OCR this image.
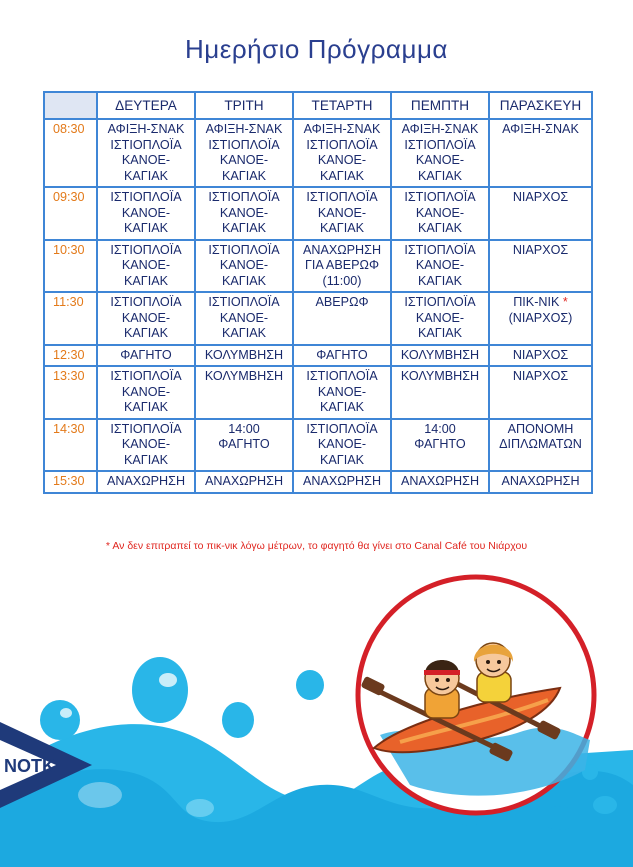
Ημερήσιο Πρόγραμμα
	ΔΕΥΤΕΡΑ	ΤΡΙΤΗ	ΤΕΤΑΡΤΗ	ΠΕΜΠΤΗ	ΠΑΡΑΣΚΕΥΗ
08:30	ΑΦΙΞΗ-ΣΝΑΚ
ΙΣΤΙΟΠΛΟΪΑ
ΚΑΝΟΕ-
ΚΑΓΙΑΚ	ΑΦΙΞΗ-ΣΝΑΚ
ΙΣΤΙΟΠΛΟΪΑ
ΚΑΝΟΕ-
ΚΑΓΙΑΚ	ΑΦΙΞΗ-ΣΝΑΚ
ΙΣΤΙΟΠΛΟΪΑ
ΚΑΝΟΕ-
ΚΑΓΙΑΚ	ΑΦΙΞΗ-ΣΝΑΚ
ΙΣΤΙΟΠΛΟΪΑ
ΚΑΝΟΕ-
ΚΑΓΙΑΚ	ΑΦΙΞΗ-ΣΝΑΚ

09:30	ΙΣΤΙΟΠΛΟΪΑ
ΚΑΝΟΕ-
ΚΑΓΙΑΚ	ΙΣΤΙΟΠΛΟΪΑ
ΚΑΝΟΕ-
ΚΑΓΙΑΚ	ΙΣΤΙΟΠΛΟΪΑ
ΚΑΝΟΕ-
ΚΑΓΙΑΚ	ΙΣΤΙΟΠΛΟΪΑ
ΚΑΝΟΕ-
ΚΑΓΙΑΚ	ΝΙΑΡΧΟΣ

10:30	ΙΣΤΙΟΠΛΟΪΑ
ΚΑΝΟΕ-
ΚΑΓΙΑΚ	ΙΣΤΙΟΠΛΟΪΑ
ΚΑΝΟΕ-
ΚΑΓΙΑΚ	ΑΝΑΧΩΡΗΣΗ
ΓΙΑ ΑΒΕΡΩΦ
(11:00)	ΙΣΤΙΟΠΛΟΪΑ
ΚΑΝΟΕ-
ΚΑΓΙΑΚ	ΝΙΑΡΧΟΣ

11:30	ΙΣΤΙΟΠΛΟΪΑ
ΚΑΝΟΕ-
ΚΑΓΙΑΚ	ΙΣΤΙΟΠΛΟΪΑ
ΚΑΝΟΕ-
ΚΑΓΙΑΚ	ΑΒΕΡΩΦ	ΙΣΤΙΟΠΛΟΪΑ
ΚΑΝΟΕ-
ΚΑΓΙΑΚ	ΠΙΚ-ΝΙΚ *
(ΝΙΑΡΧΟΣ)

12:30	ΦΑΓΗΤΟ	ΚΟΛΥΜΒΗΣΗ	ΦΑΓΗΤΟ	ΚΟΛΥΜΒΗΣΗ	ΝΙΑΡΧΟΣ

13:30	ΙΣΤΙΟΠΛΟΪΑ
ΚΑΝΟΕ-
ΚΑΓΙΑΚ	ΚΟΛΥΜΒΗΣΗ	ΙΣΤΙΟΠΛΟΪΑ
ΚΑΝΟΕ-
ΚΑΓΙΑΚ	ΚΟΛΥΜΒΗΣΗ	ΝΙΑΡΧΟΣ

14:30	ΙΣΤΙΟΠΛΟΪΑ
ΚΑΝΟΕ-
ΚΑΓΙΑΚ	14:00
ΦΑΓΗΤΟ	ΙΣΤΙΟΠΛΟΪΑ
ΚΑΝΟΕ-
ΚΑΓΙΑΚ	14:00
ΦΑΓΗΤΟ	ΑΠΟΝΟΜΗ
ΔΙΠΛΩΜΑΤΩΝ

15:30	ΑΝΑΧΩΡΗΣΗ	ΑΝΑΧΩΡΗΣΗ	ΑΝΑΧΩΡΗΣΗ	ΑΝΑΧΩΡΗΣΗ	ΑΝΑΧΩΡΗΣΗ
* Αν δεν επιτραπεί το πικ-νικ λόγω μέτρων, το φαγητό θα γίνει στο Canal Café του Νιάρχου
ΝΟΤΚ
